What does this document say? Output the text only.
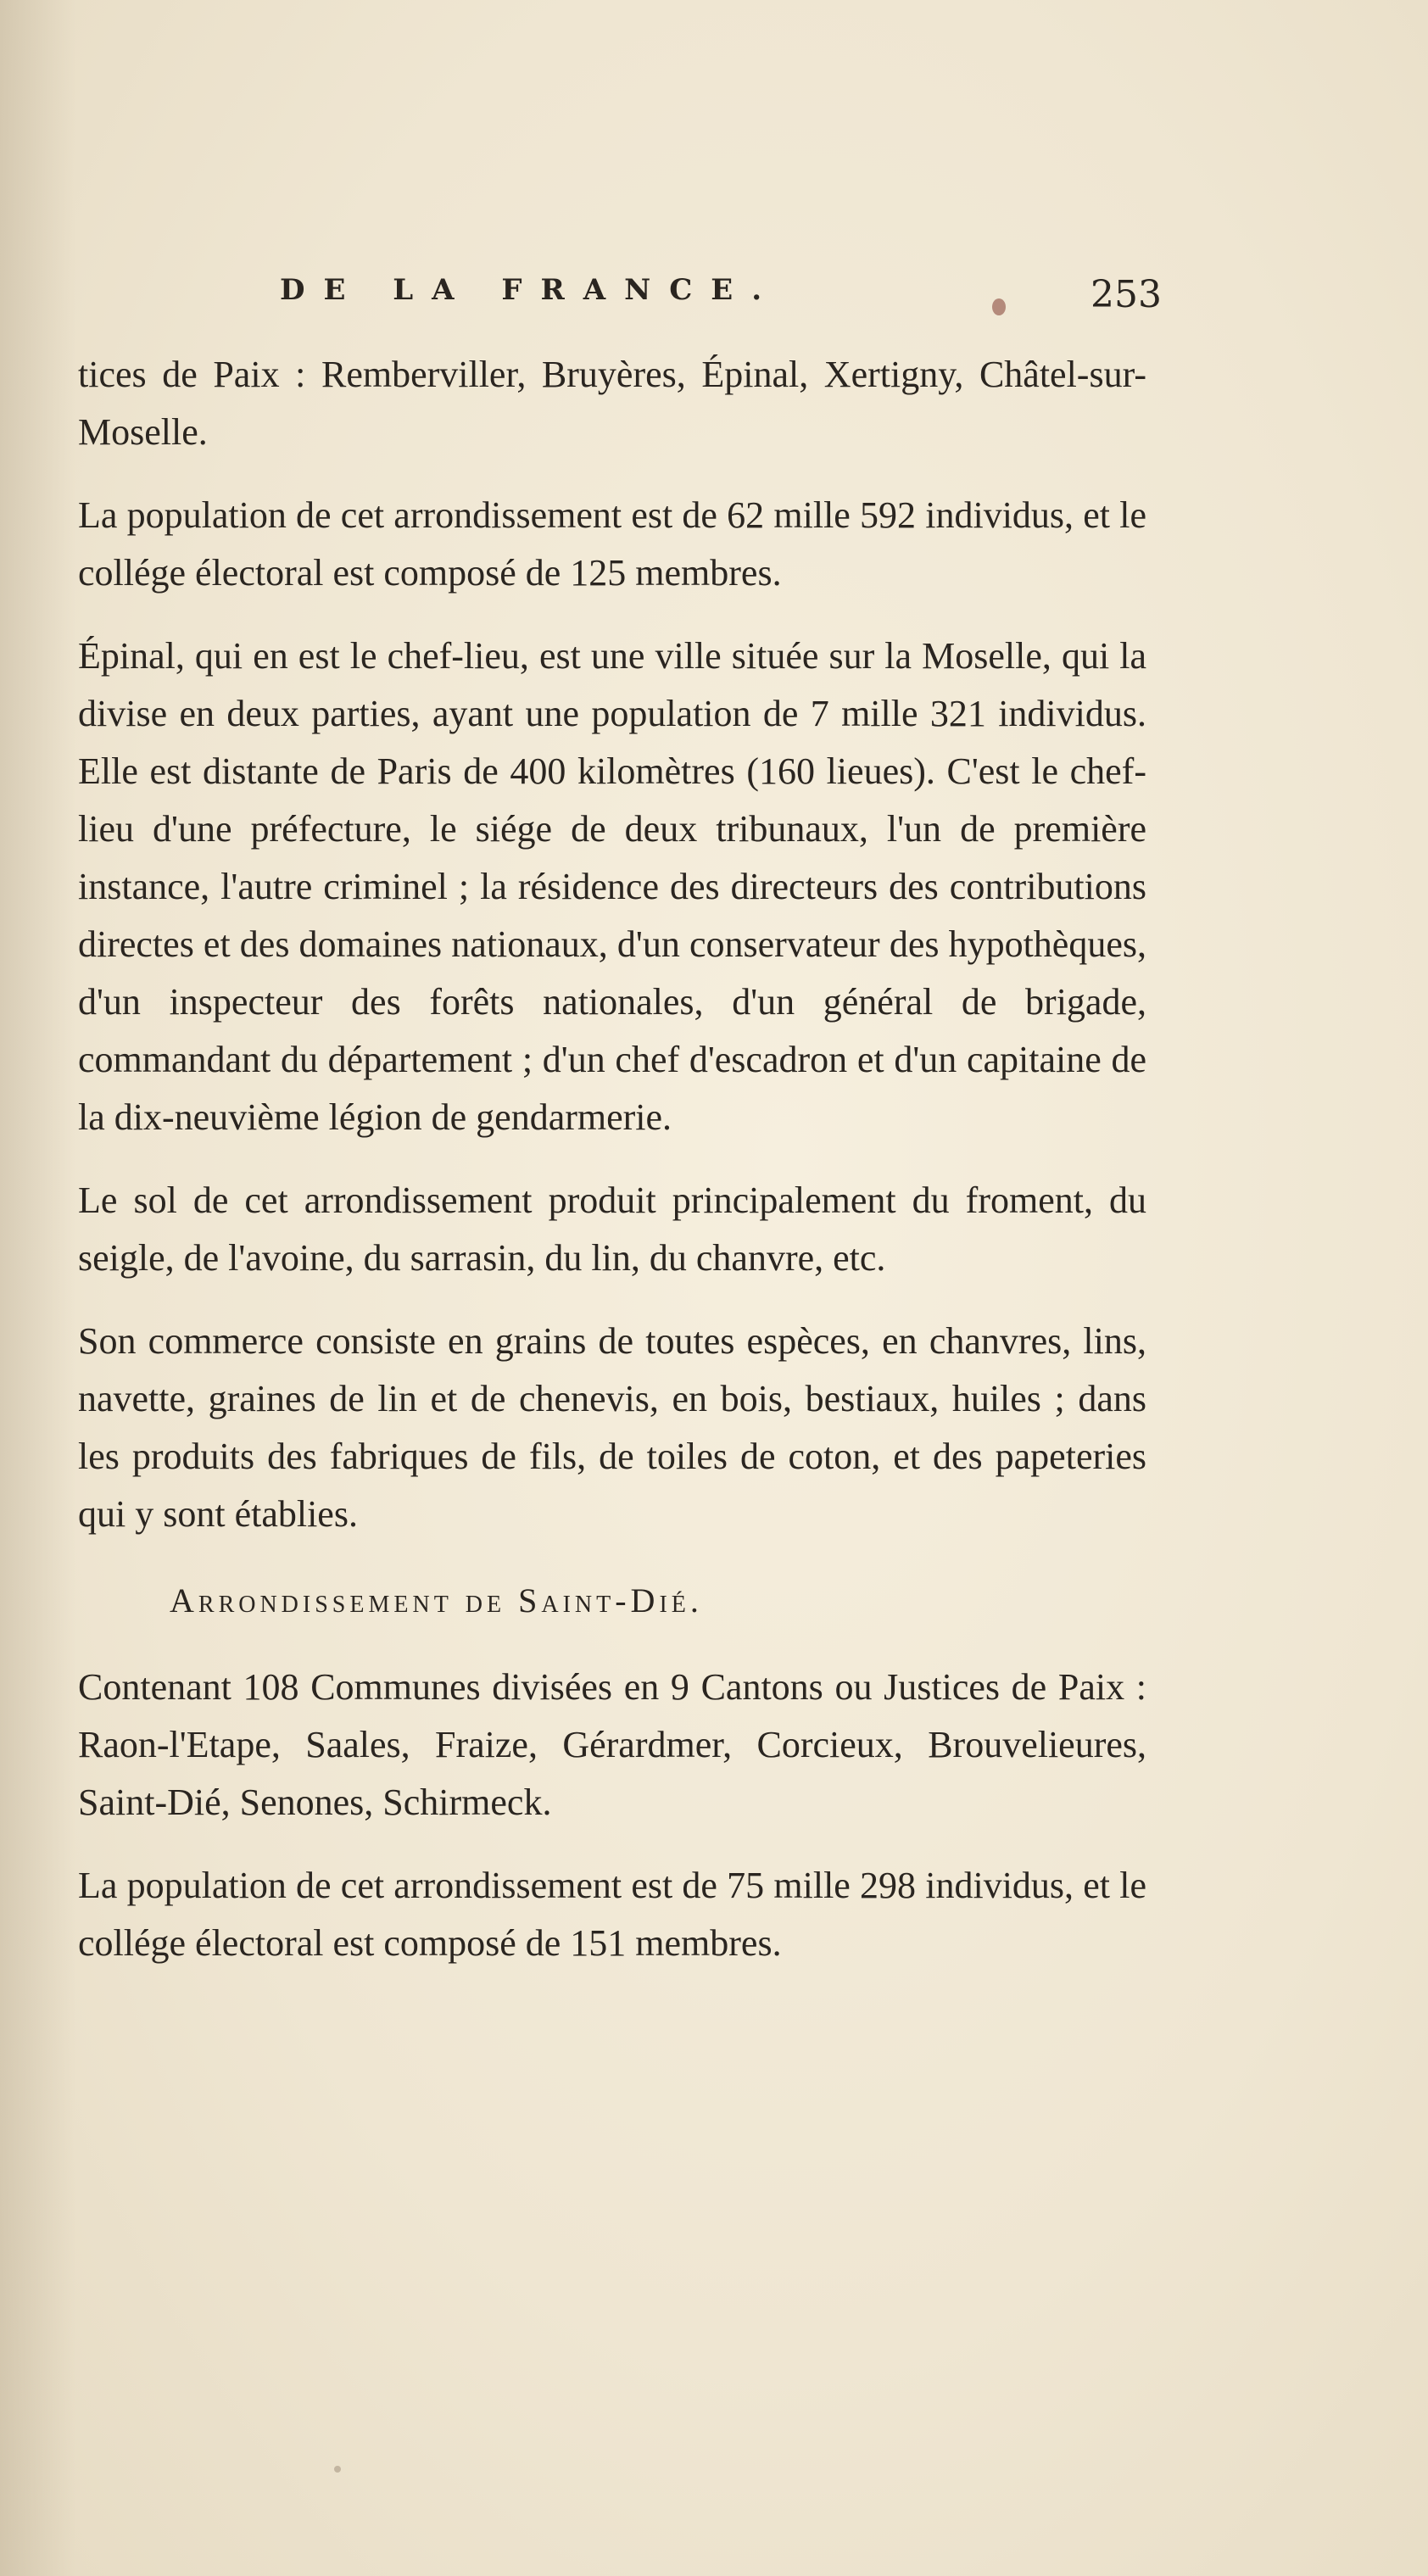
DE LA FRANCE.	253

tices de Paix : Remberviller, Bruyères, Épinal, Xertigny, Châtel-sur-Moselle.

La population de cet arrondissement est de 62 mille 592 individus, et le collége électoral est composé de 125 membres.

Épinal, qui en est le chef-lieu, est une ville située sur la Moselle, qui la divise en deux parties, ayant une population de 7 mille 321 individus. Elle est distante de Paris de 400 kilomètres (160 lieues). C'est le chef-lieu d'une préfecture, le siége de deux tribunaux, l'un de première instance, l'autre criminel ; la résidence des directeurs des contributions directes et des domaines nationaux, d'un conservateur des hypothèques, d'un inspecteur des forêts nationales, d'un général de brigade, commandant du département ; d'un chef d'escadron et d'un capitaine de la dix-neuvième légion de gendarmerie.

Le sol de cet arrondissement produit principalement du froment, du seigle, de l'avoine, du sarrasin, du lin, du chanvre, etc.

Son commerce consiste en grains de toutes espèces, en chanvres, lins, navette, graines de lin et de chenevis, en bois, bestiaux, huiles ; dans les produits des fabriques de fils, de toiles de coton, et des papeteries qui y sont établies.

Arrondissement de Saint-Dié.

Contenant 108 Communes divisées en 9 Cantons ou Justices de Paix : Raon-l'Etape, Saales, Fraize, Gérardmer, Corcieux, Brouvelieures, Saint-Dié, Senones, Schirmeck.

La population de cet arrondissement est de 75 mille 298 individus, et le collége électoral est composé de 151 membres.
